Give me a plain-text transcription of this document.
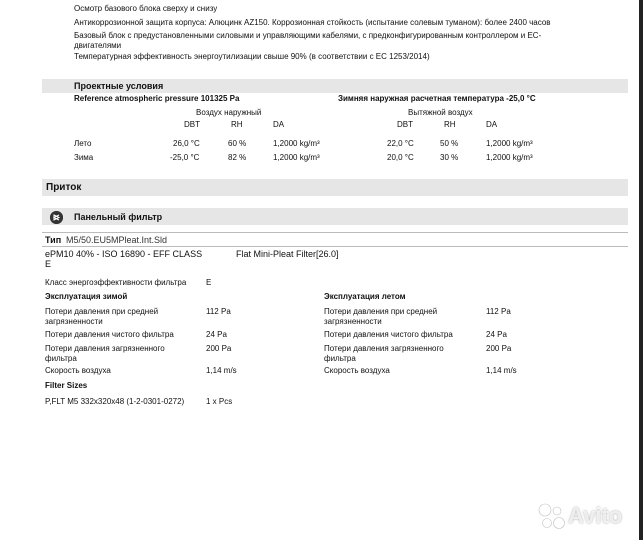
Осмотр базового блока сверху и снизу
Антикоррозионной защита корпуса: Алюцинк AZ150. Коррозионная стойкость (испытание солевым туманом): более 2400 часов
Базовый блок с предустановленными силовыми и управляющими кабелями, с предконфигурированным контроллером и ЕС-
двигателями
Температурная эффективность энергоутилизации свыше 90% (в соответствии с EC 1253/2014)
Проектные условия
Reference atmospheric pressure 101325 Pa	Зимняя наружная расчетная температура -25,0 °C
Воздух наружный	Вытяжной воздух
DBT	RH	DA	DBT	RH	DA
Лето	26,0 °C	60 %	1,2000 kg/m³	22,0 °C	50 %	1,2000 kg/m³
Зима	-25,0 °C	82 %	1,2000 kg/m³	20,0 °C	30 %	1,2000 kg/m³
Приток
Панельный фильтр
Тип M5/50.EU5MPleat.Int.Sld
ePM10 40% - ISO 16890 - EFF CLASS
E
Flat Mini-Pleat Filter[26.0]
Класс энергоэффективности фильтра E
Эксплуатация зимой
Потери давления при средней
загрязненности
112 Pa
Потери давления чистого фильтра	24 Pa
Потери давления загрязненного
фильтра
200 Pa
Скорость воздуха	1,14 m/s
Эксплуатация летом
Потери давления при средней
загрязненности
112 Pa
Потери давления чистого фильтра	24 Pa
Потери давления загрязненного
фильтра
200 Pa
Скорость воздуха	1,14 m/s
Filter Sizes
P,FLT M5 332x320x48 (1-2-0301-0272)	1 x Pcs
Avito
